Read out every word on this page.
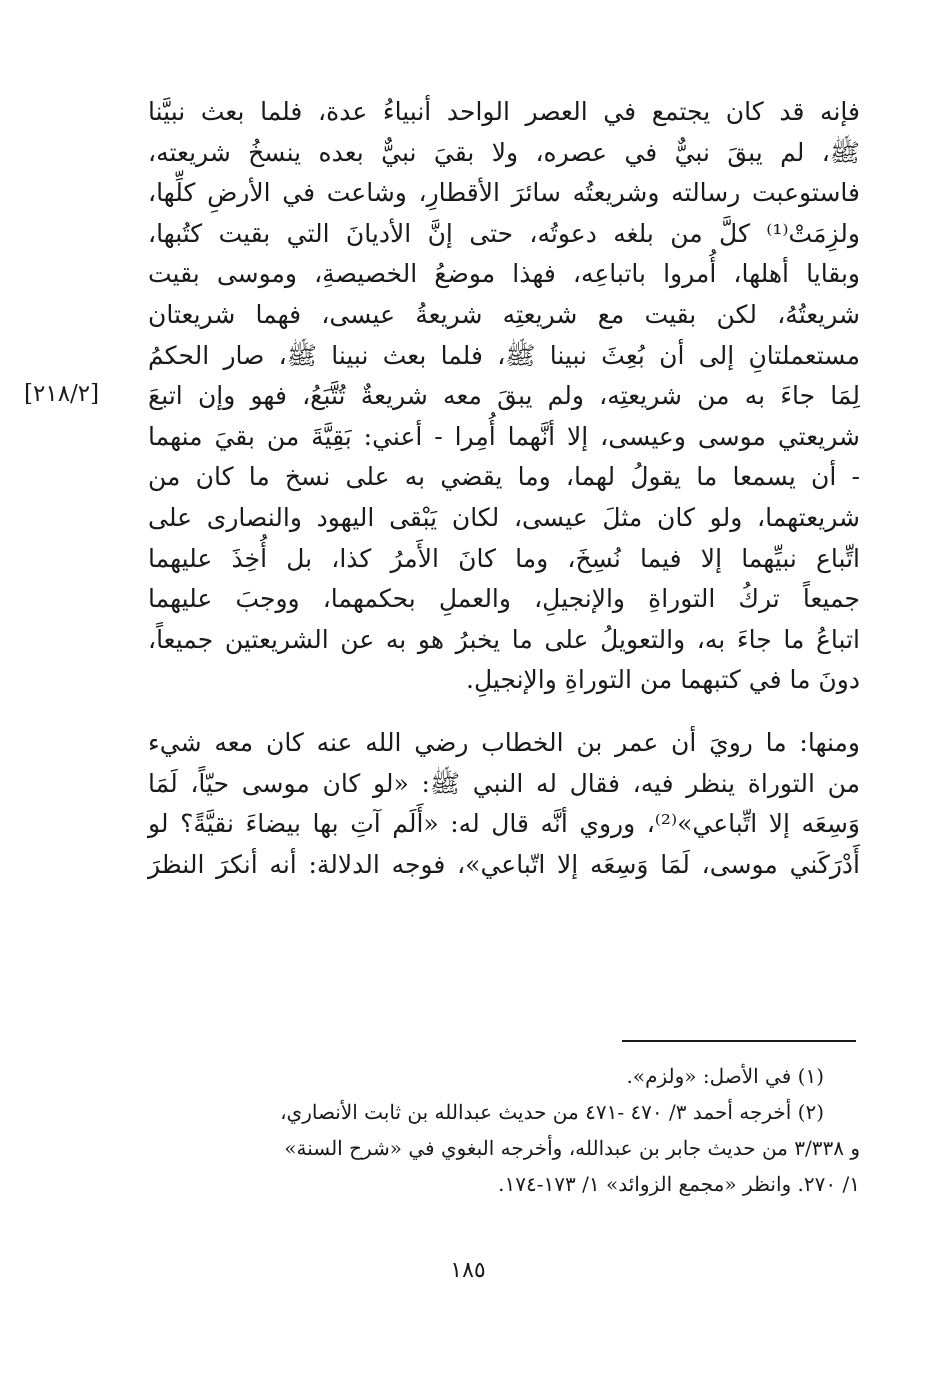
فإنه قد كان يجتمع في العصر الواحد أنبياءُ عدة، فلما بعث نبيَّنا
ﷺ، لم يبقَ نبيٌّ في عصره، ولا بقيَ نبيٌّ بعده ينسخُ شريعته،
فاستوعبت رسالته وشريعتُه سائرَ الأقطارِ، وشاعت في الأرضِ كلِّها،
ولزِمَتْ⁽¹⁾ كلَّ من بلغه دعوتُه، حتى إنَّ الأديانَ التي بقيت كتُبها،
وبقايا أهلها، أُمروا باتباعِه، فهذا موضعُ الخصيصةِ، وموسى بقيت
شريعتُهُ، لكن بقيت مع شريعتِه شريعةُ عيسى، فهما شريعتان
مستعملتانِ إلى أن بُعِثَ نبينا ﷺ، فلما بعث نبينا ﷺ، صار الحكمُ
لِمَا جاءَ به من شريعتِه، ولم يبقَ معه شريعةٌ تُتَّبَعُ، فهو وإن اتبعَ
شريعتي موسى وعيسى، إلا أنَّهما أُمِرا - أعني: بَقِيَّةَ من بقيَ منهما
- أن يسمعا ما يقولُ لهما، وما يقضي به على نسخ ما كان من
شريعتهما، ولو كان مثلَ عيسى، لكان يَبْقى اليهود والنصارى على
اتِّباع نبيِّهما إلا فيما نُسِخَ، وما كانَ الأَمرُ كذا، بل أُخِذَ عليهما
جميعاً تركُ التوراةِ والإنجيلِ، والعملِ بحكمهما، ووجبَ عليهما
اتباعُ ما جاءَ به، والتعويلُ على ما يخبرُ هو به عن الشريعتين جميعاً،
دونَ ما في كتبهما من التوراةِ والإنجيلِ.
ومنها: ما رويَ أن عمر بن الخطاب رضي الله عنه كان معه شيء
من التوراة ينظر فيه، فقال له النبي ﷺ: «لو كان موسى حيّاً، لَمَا
وَسِعَه إلا اتِّباعي»⁽²⁾، وروي أنَّه قال له: «أَلَم آتِ بها بيضاءَ نقيَّةً؟ لو
أَدْرَكَني موسى، لَمَا وَسِعَه إلا اتّباعي»، فوجه الدلالة: أنه أنكرَ النظرَ
[٢١٨/٢]
(١) في الأصل: «ولزم».
(٢) أخرجه أحمد ٣/ ٤٧٠ -٤٧١ من حديث عبدالله بن ثابت الأنصاري،
و ٣/٣٣٨ من حديث جابر بن عبدالله، وأخرجه البغوي في «شرح السنة»
١/ ٢٧٠. وانظر «مجمع الزوائد» ١/ ١٧٣-١٧٤.
١٨٥
